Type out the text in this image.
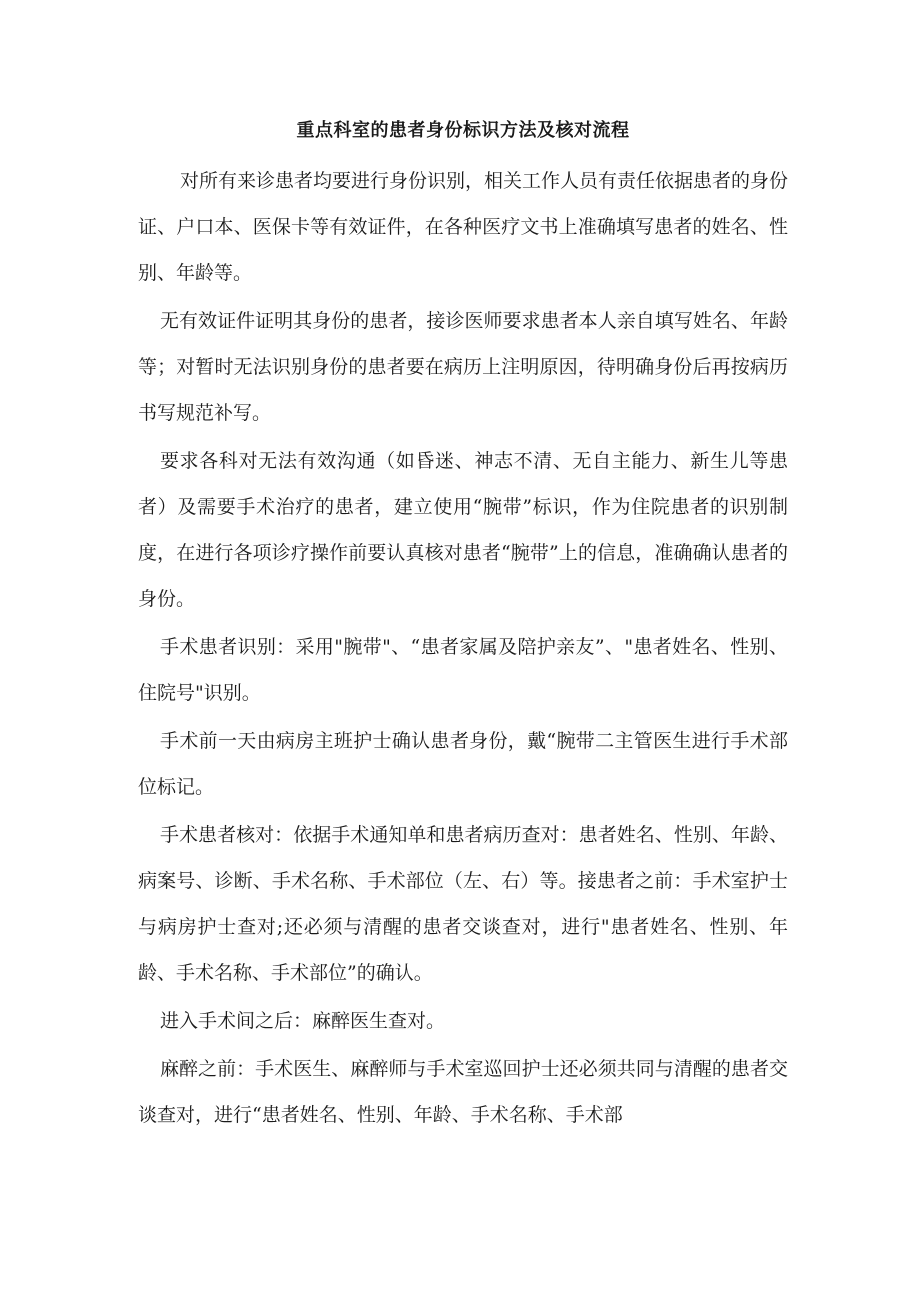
重点科室的患者身份标识方法及核对流程

对所有来诊患者均要进行身份识别，相关工作人员有责任依据患者的身份证、户口本、医保卡等有效证件，在各种医疗文书上准确填写患者的姓名、性别、年龄等。

无有效证件证明其身份的患者，接诊医师要求患者本人亲自填写姓名、年龄等；对暂时无法识别身份的患者要在病历上注明原因，待明确身份后再按病历书写规范补写。

要求各科对无法有效沟通（如昏迷、神志不清、无自主能力、新生儿等患者）及需要手术治疗的患者，建立使用“腕带”标识，作为住院患者的识别制度，在进行各项诊疗操作前要认真核对患者“腕带”上的信息，准确确认患者的身份。

手术患者识别：采用"腕带"、“患者家属及陪护亲友”、"患者姓名、性别、住院号"识别。

手术前一天由病房主班护士确认患者身份，戴“腕带二主管医生进行手术部位标记。

手术患者核对：依据手术通知单和患者病历查对：患者姓名、性别、年龄、病案号、诊断、手术名称、手术部位（左、右）等。接患者之前：手术室护士与病房护士查对;还必须与清醒的患者交谈查对，进行"患者姓名、性别、年龄、手术名称、手术部位”的确认。

进入手术间之后：麻醉医生查对。

麻醉之前：手术医生、麻醉师与手术室巡回护士还必须共同与清醒的患者交谈查对，进行“患者姓名、性别、年龄、手术名称、手术部
